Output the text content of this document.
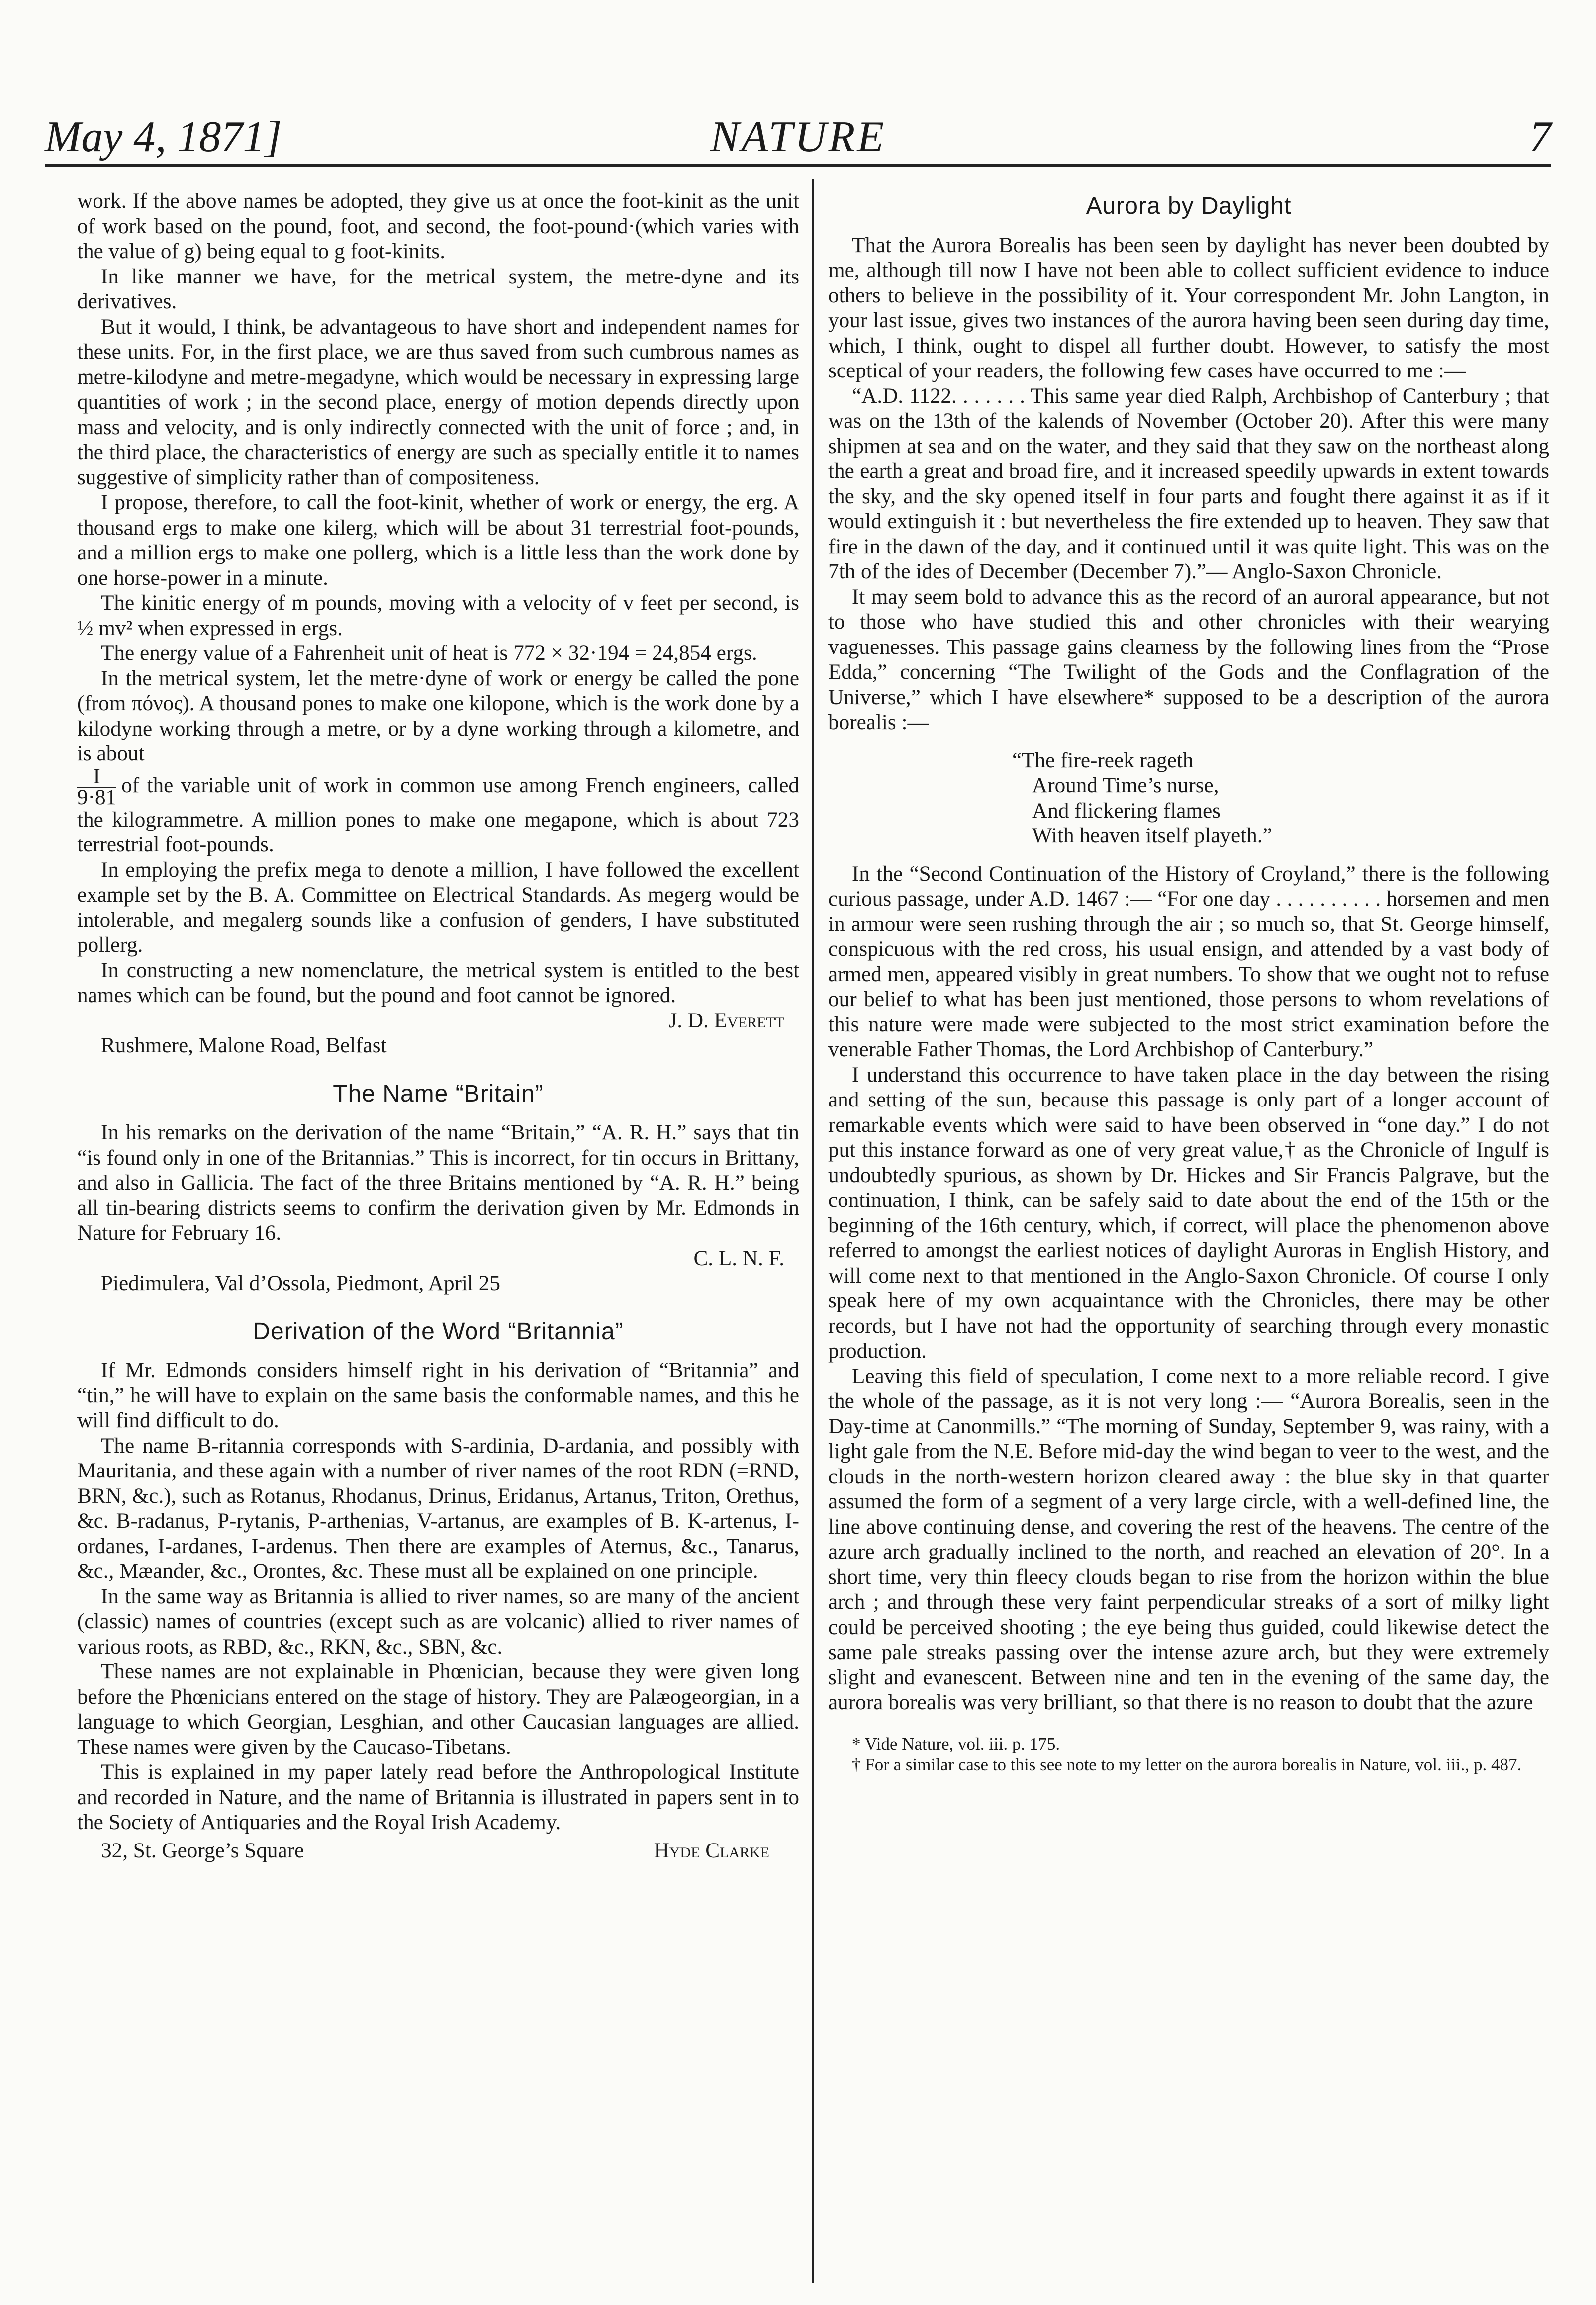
May 4, 1871]	NATURE	7

work. If the above names be adopted, they give us at once the foot-kinit as the unit of work based on the pound, foot, and second, the foot-pound·(which varies with the value of g) being equal to g foot-kinits.

In like manner we have, for the metrical system, the metre-dyne and its derivatives.

But it would, I think, be advantageous to have short and independent names for these units. For, in the first place, we are thus saved from such cumbrous names as metre-kilodyne and metre-megadyne, which would be necessary in expressing large quantities of work ; in the second place, energy of motion depends directly upon mass and velocity, and is only indirectly connected with the unit of force ; and, in the third place, the characteristics of energy are such as specially entitle it to names suggestive of simplicity rather than of compositeness.

I propose, therefore, to call the foot-kinit, whether of work or energy, the erg. A thousand ergs to make one kilerg, which will be about 31 terrestrial foot-pounds, and a million ergs to make one pollerg, which is a little less than the work done by one horse-power in a minute.

The kinitic energy of m pounds, moving with a velocity of v feet per second, is ½ mv² when expressed in ergs.

The energy value of a Fahrenheit unit of heat is 772 × 32·194 = 24,854 ergs.

In the metrical system, let the metre·dyne of work or energy be called the pone (from πόνος). A thousand pones to make one kilopone, which is the work done by a kilodyne working through a metre, or by a dyne working through a kilometre, and is about

$\frac{I}{9\cdot 81}$ of the variable unit of work in common use among French engineers, called the kilogrammetre. A million pones to make one megapone, which is about 723 terrestrial foot-pounds.

In employing the prefix mega to denote a million, I have followed the excellent example set by the B. A. Committee on Electrical Standards. As megerg would be intolerable, and megalerg sounds like a confusion of genders, I have substituted pollerg.

In constructing a new nomenclature, the metrical system is entitled to the best names which can be found, but the pound and foot cannot be ignored.

J. D. Everett
Rushmere, Malone Road, Belfast
The Name “Britain”

In his remarks on the derivation of the name “Britain,” “A. R. H.” says that tin “is found only in one of the Britannias.” This is incorrect, for tin occurs in Brittany, and also in Gallicia. The fact of the three Britains mentioned by “A. R. H.” being all tin-bearing districts seems to confirm the derivation given by Mr. Edmonds in Nature for February 16.

C. L. N. F.
Piedimulera, Val d’Ossola, Piedmont, April 25
Derivation of the Word “Britannia”

If Mr. Edmonds considers himself right in his derivation of “Britannia” and “tin,” he will have to explain on the same basis the conformable names, and this he will find difficult to do.

The name B-ritannia corresponds with S-ardinia, D-ardania, and possibly with Mauritania, and these again with a number of river names of the root RDN (=RND, BRN, &c.), such as Rotanus, Rhodanus, Drinus, Eridanus, Artanus, Triton, Orethus, &c. B-radanus, P-rytanis, P-arthenias, V-artanus, are examples of B. K-artenus, I-ordanes, I-ardanes, I-ardenus. Then there are examples of Aternus, &c., Tanarus, &c., Mæander, &c., Orontes, &c. These must all be explained on one principle.

In the same way as Britannia is allied to river names, so are many of the ancient (classic) names of countries (except such as are volcanic) allied to river names of various roots, as RBD, &c., RKN, &c., SBN, &c.

These names are not explainable in Phœnician, because they were given long before the Phœnicians entered on the stage of history. They are Palæogeorgian, in a language to which Georgian, Lesghian, and other Caucasian languages are allied. These names were given by the Caucaso-Tibetans.

This is explained in my paper lately read before the Anthropological Institute and recorded in Nature, and the name of Britannia is illustrated in papers sent in to the Society of Antiquaries and the Royal Irish Academy.

32, St. George’s Square	Hyde Clarke
Aurora by Daylight

That the Aurora Borealis has been seen by daylight has never been doubted by me, although till now I have not been able to collect sufficient evidence to induce others to believe in the possibility of it. Your correspondent Mr. John Langton, in your last issue, gives two instances of the aurora having been seen during day time, which, I think, ought to dispel all further doubt. However, to satisfy the most sceptical of your readers, the following few cases have occurred to me :—

“A.D. 1122. . . . . . . This same year died Ralph, Archbishop of Canterbury ; that was on the 13th of the kalends of November (October 20). After this were many shipmen at sea and on the water, and they said that they saw on the northeast along the earth a great and broad fire, and it increased speedily upwards in extent towards the sky, and the sky opened itself in four parts and fought there against it as if it would extinguish it : but nevertheless the fire extended up to heaven. They saw that fire in the dawn of the day, and it continued until it was quite light. This was on the 7th of the ides of December (December 7).”— Anglo-Saxon Chronicle.

It may seem bold to advance this as the record of an auroral appearance, but not to those who have studied this and other chronicles with their wearying vaguenesses. This passage gains clearness by the following lines from the “Prose Edda,” concerning “The Twilight of the Gods and the Conflagration of the Universe,” which I have elsewhere* supposed to be a description of the aurora borealis :—

“The fire-reek rageth
Around Time’s nurse,
And flickering flames
With heaven itself playeth.”

In the “Second Continuation of the History of Croyland,” there is the following curious passage, under A.D. 1467 :— “For one day . . . . . . . . . . horsemen and men in armour were seen rushing through the air ; so much so, that St. George himself, conspicuous with the red cross, his usual ensign, and attended by a vast body of armed men, appeared visibly in great numbers. To show that we ought not to refuse our belief to what has been just mentioned, those persons to whom revelations of this nature were made were subjected to the most strict examination before the venerable Father Thomas, the Lord Archbishop of Canterbury.”

I understand this occurrence to have taken place in the day between the rising and setting of the sun, because this passage is only part of a longer account of remarkable events which were said to have been observed in “one day.” I do not put this instance forward as one of very great value,† as the Chronicle of Ingulf is undoubtedly spurious, as shown by Dr. Hickes and Sir Francis Palgrave, but the continuation, I think, can be safely said to date about the end of the 15th or the beginning of the 16th century, which, if correct, will place the phenomenon above referred to amongst the earliest notices of daylight Auroras in English History, and will come next to that mentioned in the Anglo-Saxon Chronicle. Of course I only speak here of my own acquaintance with the Chronicles, there may be other records, but I have not had the opportunity of searching through every monastic production.

Leaving this field of speculation, I come next to a more reliable record. I give the whole of the passage, as it is not very long :— “Aurora Borealis, seen in the Day-time at Canonmills.” “The morning of Sunday, September 9, was rainy, with a light gale from the N.E. Before mid-day the wind began to veer to the west, and the clouds in the north-western horizon cleared away : the blue sky in that quarter assumed the form of a segment of a very large circle, with a well-defined line, the line above continuing dense, and covering the rest of the heavens. The centre of the azure arch gradually inclined to the north, and reached an elevation of 20°. In a short time, very thin fleecy clouds began to rise from the horizon within the blue arch ; and through these very faint perpendicular streaks of a sort of milky light could be perceived shooting ; the eye being thus guided, could likewise detect the same pale streaks passing over the intense azure arch, but they were extremely slight and evanescent. Between nine and ten in the evening of the same day, the aurora borealis was very brilliant, so that there is no reason to doubt that the azure

* Vide Nature, vol. iii. p. 175.
† For a similar case to this see note to my letter on the aurora borealis in Nature, vol. iii., p. 487.
